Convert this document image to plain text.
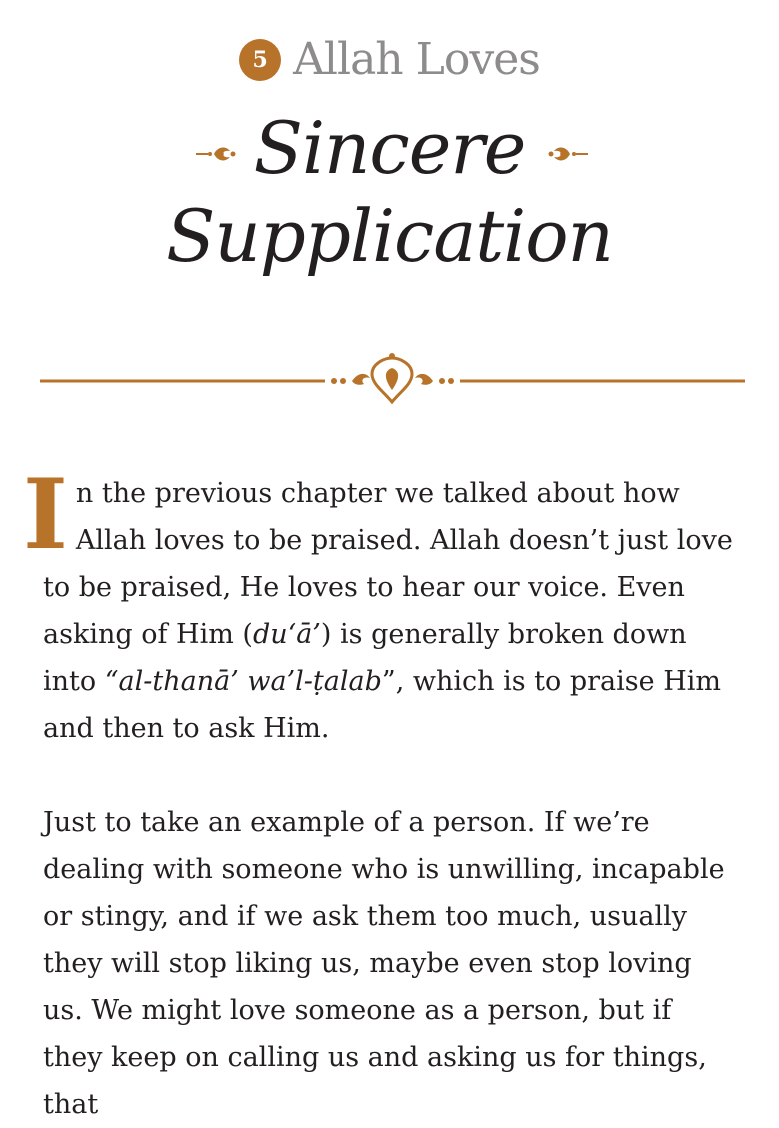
5 Allah Loves
Sincere
Supplication

In the previous chapter we talked about how Allah loves to be praised. Allah doesn’t just love to be praised, He loves to hear our voice. Even asking of Him (du‘ā’) is generally broken down into “al-thanā’ wa’l-ṭalab”, which is to praise Him and then to ask Him.

Just to take an example of a person. If we’re dealing with someone who is unwilling, incapable or stingy, and if we ask them too much, usually they will stop liking us, maybe even stop loving us. We might love someone as a person, but if they keep on calling us and asking us for things, that
